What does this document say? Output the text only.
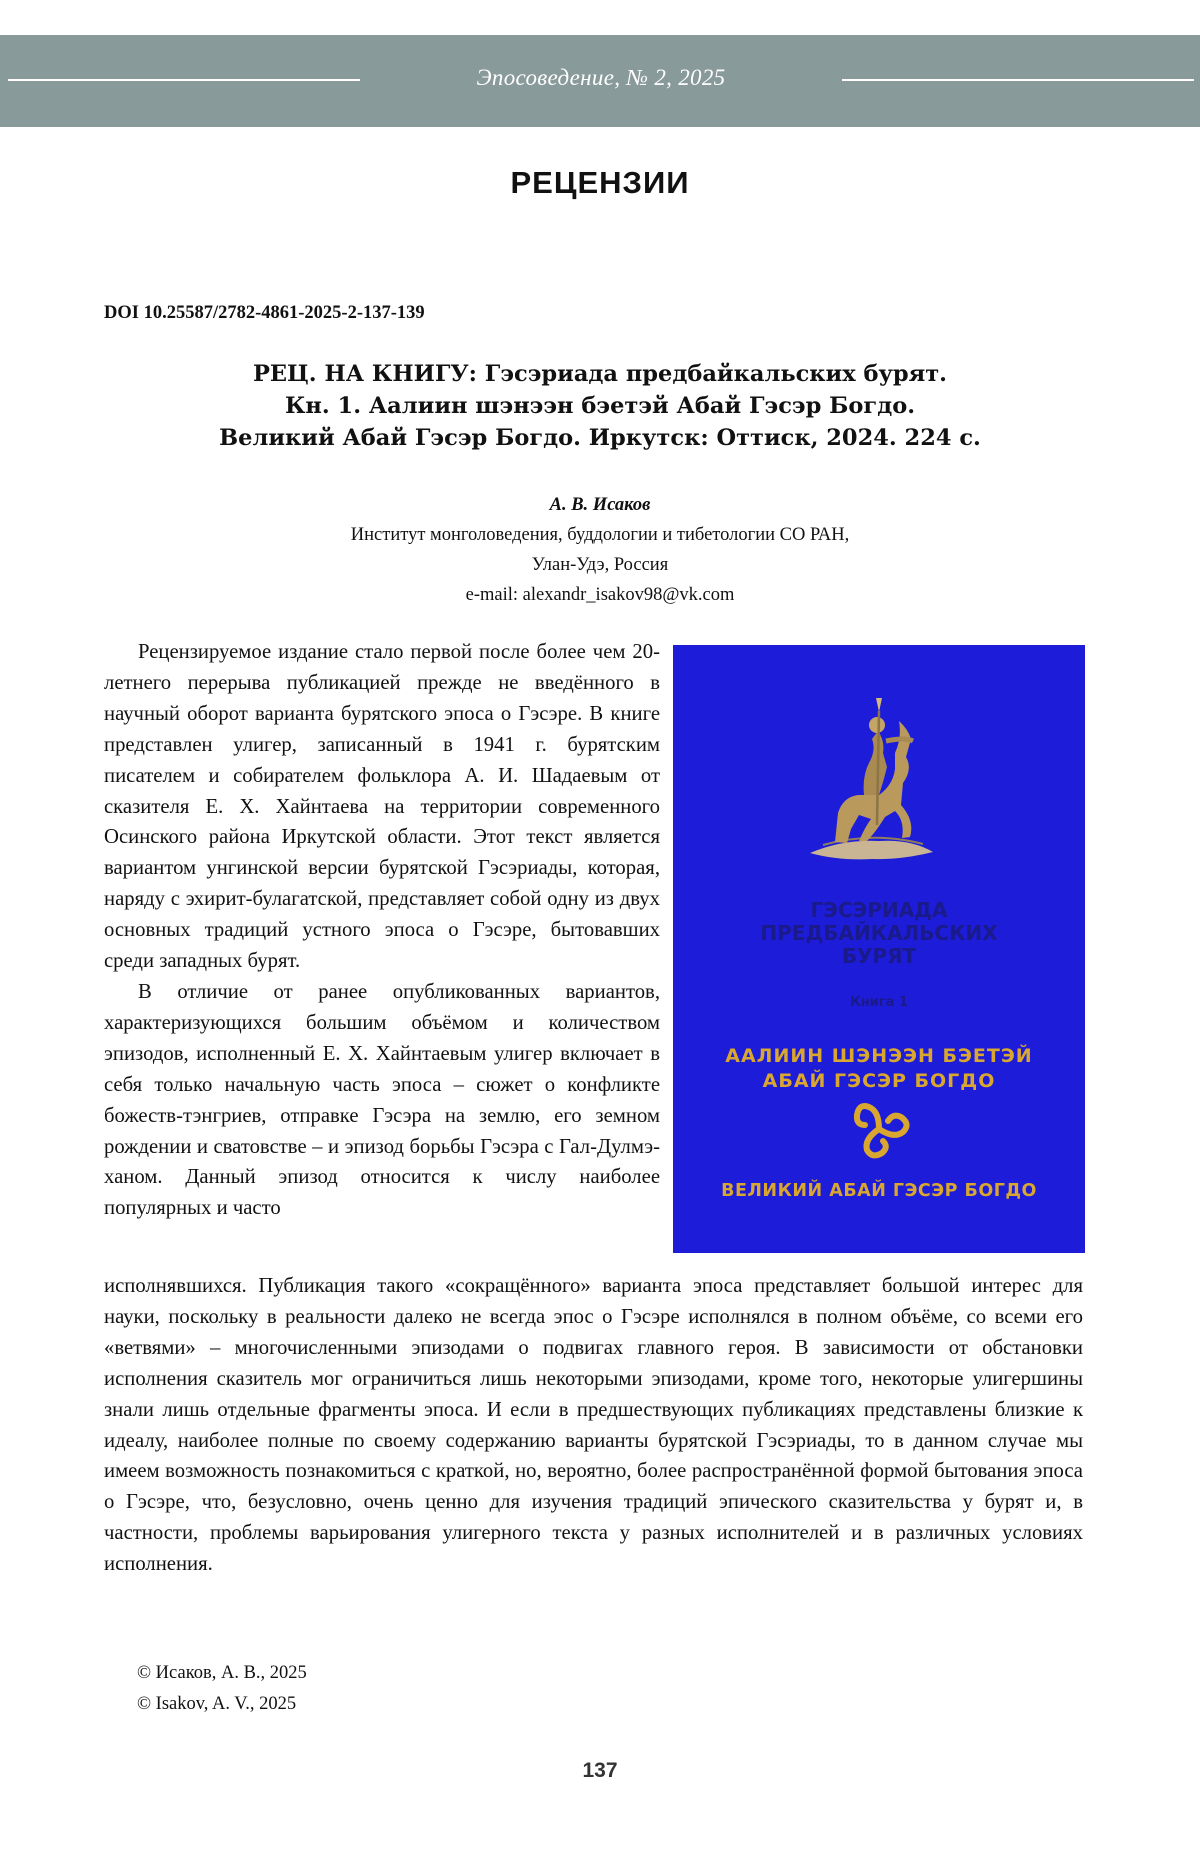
Эпосоведение, № 2, 2025
РЕЦЕНЗИИ
DOI 10.25587/2782-4861-2025-2-137-139
РЕЦ. НА КНИГУ: Гэсэриада предбайкальских бурят.
Кн. 1. Аалиин шэнээн бэетэй Абай Гэсэр Богдо.
Великий Абай Гэсэр Богдо. Иркутск: Оттиск, 2024. 224 с.
А. В. Исаков
Институт монголоведения, буддологии и тибетологии СО РАН,
Улан-Удэ, Россия
e-mail: alexandr_isakov98@vk.com

Рецензируемое издание стало первой после более чем 20-летнего перерыва публикацией прежде не введённого в научный оборот варианта бурятского эпоса о Гэсэре. В книге представлен улигер, записанный в 1941 г. бурятским писателем и собирателем фольклора А. И. Шадаевым от сказителя Е. Х. Хайнтаева на территории современного Осинского района Иркутской области. Этот текст является вариантом унгинской версии бурятской Гэсэриады, которая, наряду с эхирит-булагатской, представляет собой одну из двух основных традиций устного эпоса о Гэсэре, бытовавших среди западных бурят.

В отличие от ранее опубликованных вариантов, характеризующихся большим объёмом и количеством эпизодов, исполненный Е. Х. Хайнтаевым улигер включает в себя только начальную часть эпоса – сюжет о конфликте божеств-тэнгриев, отправке Гэсэра на землю, его земном рождении и сватовстве – и эпизод борьбы Гэсэра с Гал-Дулмэ-ханом. Данный эпизод относится к числу наиболее популярных и часто

ГЭСЭРИАДА
ПРЕДБАЙКАЛЬСКИХ
БУРЯТ
Книга 1
ААЛИИН ШЭНЭЭН БЭЕТЭЙ
АБАЙ ГЭСЭР БОГДО
ВЕЛИКИЙ АБАЙ ГЭСЭР БОГДО

исполнявшихся. Публикация такого «сокращённого» варианта эпоса представляет большой интерес для науки, поскольку в реальности далеко не всегда эпос о Гэсэре исполнялся в полном объёме, со всеми его «ветвями» – многочисленными эпизодами о подвигах главного героя. В зависимости от обстановки исполнения сказитель мог ограничиться лишь некоторыми эпизодами, кроме того, некоторые улигершины знали лишь отдельные фрагменты эпоса. И если в предшествующих публикациях представлены близкие к идеалу, наиболее полные по своему содержанию варианты бурятской Гэсэриады, то в данном случае мы имеем возможность познакомиться с краткой, но, вероятно, более распространённой формой бытования эпоса о Гэсэре, что, безусловно, очень ценно для изучения традиций эпического сказительства у бурят и, в частности, проблемы варьирования улигерного текста у разных исполнителей и в различных условиях исполнения.

© Исаков, А. В., 2025
© Isakov, A. V., 2025
137
